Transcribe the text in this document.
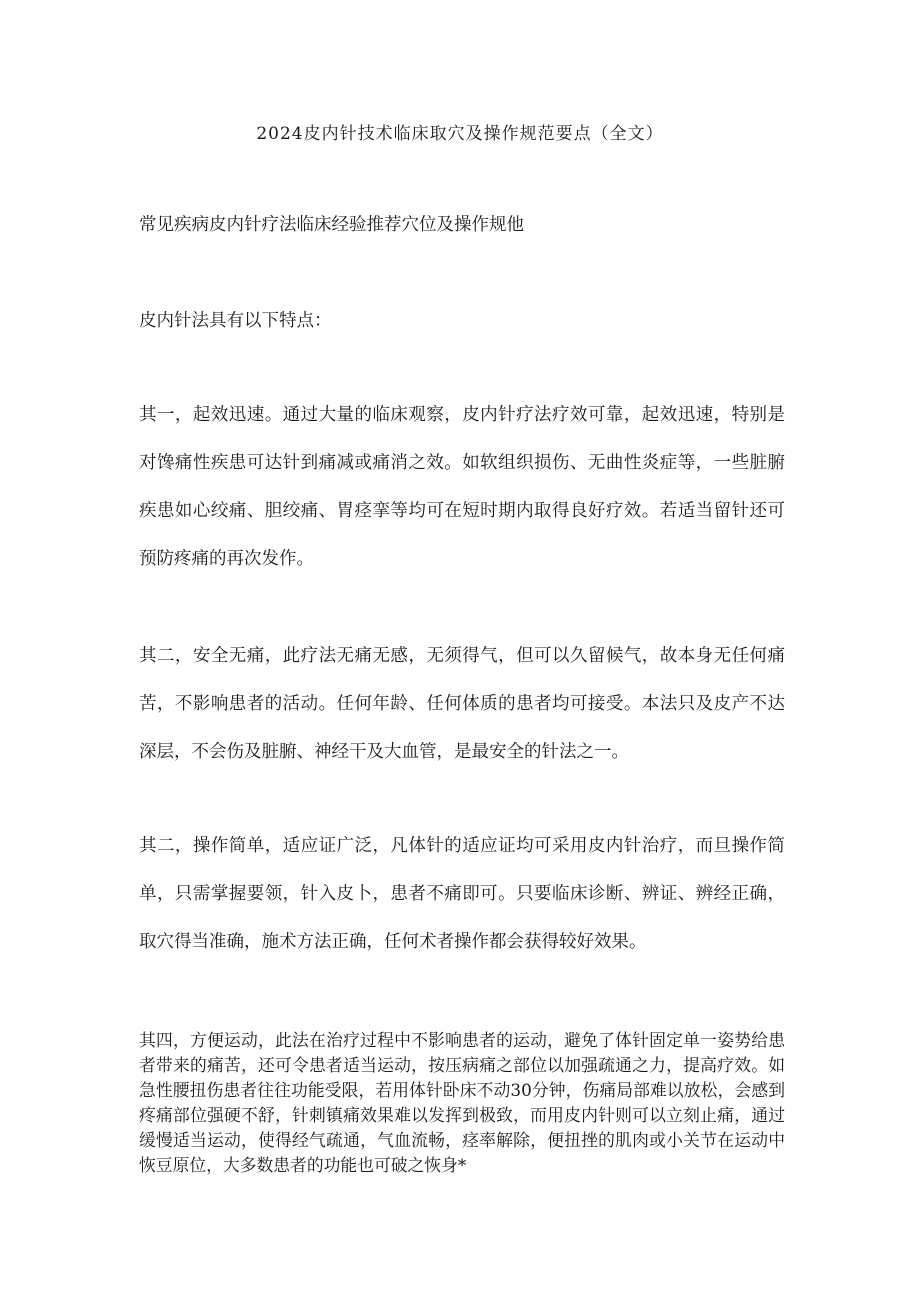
2024皮内针技术临床取穴及操作规范要点（全文）

常见疾病皮内针疗法临床经验推荐穴位及操作规他

皮内针法具有以下特点：

其一，起效迅速。通过大量的临床观察，皮内针疗法疗效可靠，起效迅速，特别是对馋痛性疾患可达针到痛减或痛消之效。如软组织损伤、无曲性炎症等，一些脏腑疾患如心绞痛、胆绞痛、胃痉挛等均可在短时期内取得良好疗效。若适当留针还可预防疼痛的再次发作。

其二，安全无痛，此疗法无痛无感，无须得气，但可以久留候气，故本身无任何痛苦，不影响患者的活动。任何年龄、任何体质的患者均可接受。本法只及皮产不达深层，不会伤及脏腑、神经干及大血管，是最安全的针法之一。

其二，操作简单，适应证广泛，凡体针的适应证均可采用皮内针治疗，而旦操作简单，只需掌握要领，针入皮卜，患者不痛即可。只要临床诊断、辨证、辨经正确，取穴得当准确，施术方法正确，任何术者操作都会获得较好效果。

其四，方便运动，此法在治疗过程中不影响患者的运动，避免了体针固定单一姿势给患者带来的痛苦，还可令患者适当运动，按压病痛之部位以加强疏通之力，提高疗效。如急性腰扭伤患者往往功能受限，若用体针卧床不动30分钟，伤痛局部难以放松，会感到疼痛部位强硬不舒，针刺镇痛效果难以发挥到极致，而用皮内针则可以立刻止痛，通过缓慢适当运动，使得经气疏通，气血流畅，痉率解除，便扭挫的肌肉或小关节在运动中恢豆原位，大多数患者的功能也可破之恢身*
